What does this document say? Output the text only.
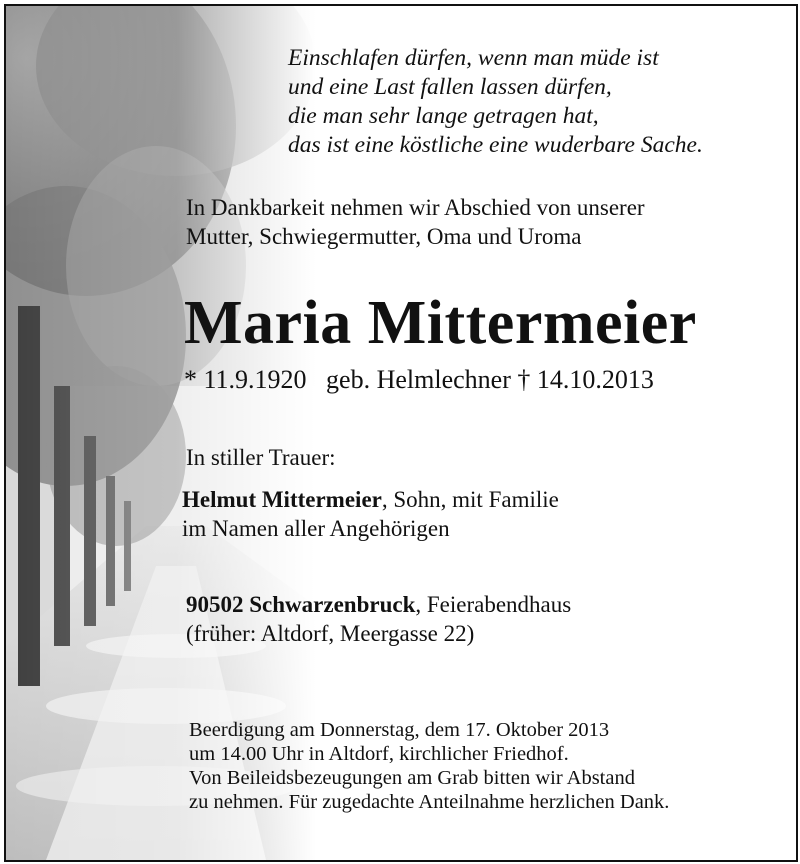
Einschlafen dürfen, wenn man müde ist
und eine Last fallen lassen dürfen,
die man sehr lange getragen hat,
das ist eine köstliche eine wuderbare Sache.
In Dankbarkeit nehmen wir Abschied von unserer
Mutter, Schwiegermutter, Oma und Uroma
Maria Mittermeier
* 11.9.1920 geb. Helmlechner † 14.10.2013
In stiller Trauer:
Helmut Mittermeier, Sohn, mit Familie
im Namen aller Angehörigen
90502 Schwarzenbruck, Feierabendhaus
(früher: Altdorf, Meergasse 22)
Beerdigung am Donnerstag, dem 17. Oktober 2013
um 14.00 Uhr in Altdorf, kirchlicher Friedhof.
Von Beileidsbezeugungen am Grab bitten wir Abstand
zu nehmen. Für zugedachte Anteilnahme herzlichen Dank.
